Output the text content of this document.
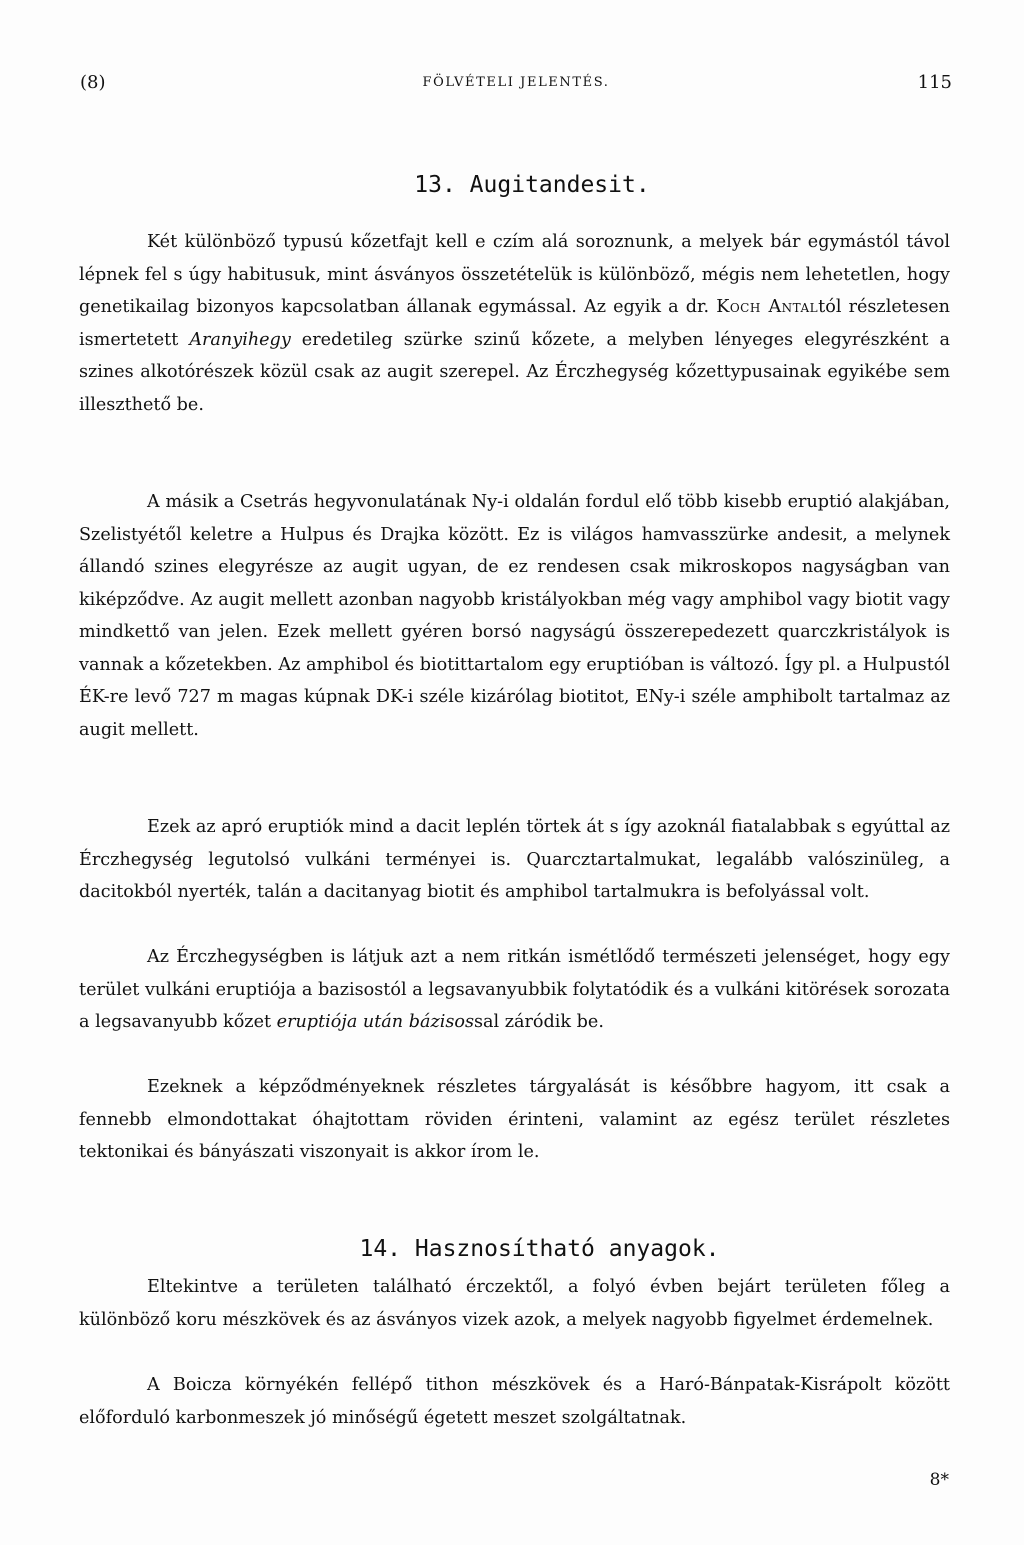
(8)	FÖLVÉTELI JELENTÉS.	115
13. Augitandesit.

Két különböző typusú kőzetfajt kell e czím alá soroznunk, a melyek bár egymástól távol lépnek fel s úgy habitusuk, mint ásványos összetételük is különböző, mégis nem lehetetlen, hogy genetikailag bizonyos kapcsolatban állanak egymással. Az egyik a dr. Koch Antaltól részletesen ismertetett Aranyihegy eredetileg szürke szinű kőzete, a melyben lényeges elegyrészként a szines alkotórészek közül csak az augit szerepel. Az Érczhegység kőzettypusainak egyikébe sem illeszthető be.

A másik a Csetrás hegyvonulatának Ny-i oldalán fordul elő több kisebb eruptió alakjában, Szelistyétől keletre a Hulpus és Drajka között. Ez is világos hamvasszürke andesit, a melynek állandó szines elegyrésze az augit ugyan, de ez rendesen csak mikroskopos nagyságban van kiképződve. Az augit mellett azonban nagyobb kristályokban még vagy amphibol vagy biotit vagy mindkettő van jelen. Ezek mellett gyéren borsó nagyságú összerepedezett quarczkristályok is vannak a kőzetekben. Az amphibol és biotittartalom egy eruptióban is változó. Így pl. a Hulpustól ÉK-re levő 727 m magas kúpnak DK-i széle kizárólag biotitot, ENy-i széle amphibolt tartalmaz az augit mellett.

Ezek az apró eruptiók mind a dacit leplén törtek át s így azoknál fiatalabbak s egyúttal az Érczhegység legutolsó vulkáni terményei is. Quarcztartalmukat, legalább valószinüleg, a dacitokból nyerték, talán a dacitanyag biotit és amphibol tartalmukra is befolyással volt.

Az Érczhegységben is látjuk azt a nem ritkán ismétlődő természeti jelenséget, hogy egy terület vulkáni eruptiója a bazisostól a legsavanyubbik folytatódik és a vulkáni kitörések sorozata a legsavanyubb kőzet eruptiója után bázisossal záródik be.

Ezeknek a képződményeknek részletes tárgyalását is későbbre hagyom, itt csak a fennebb elmondottakat óhajtottam röviden érinteni, valamint az egész terület részletes tektonikai és bányászati viszonyait is akkor írom le.

14. Hasznosítható anyagok.

Eltekintve a területen található érczektől, a folyó évben bejárt területen főleg a különböző koru mészkövek és az ásványos vizek azok, a melyek nagyobb figyelmet érdemelnek.

A Boicza környékén fellépő tithon mészkövek és a Haró-Bánpatak-Kisrápolt között előforduló karbonmeszek jó minőségű égetett meszet szolgáltatnak.

8*
